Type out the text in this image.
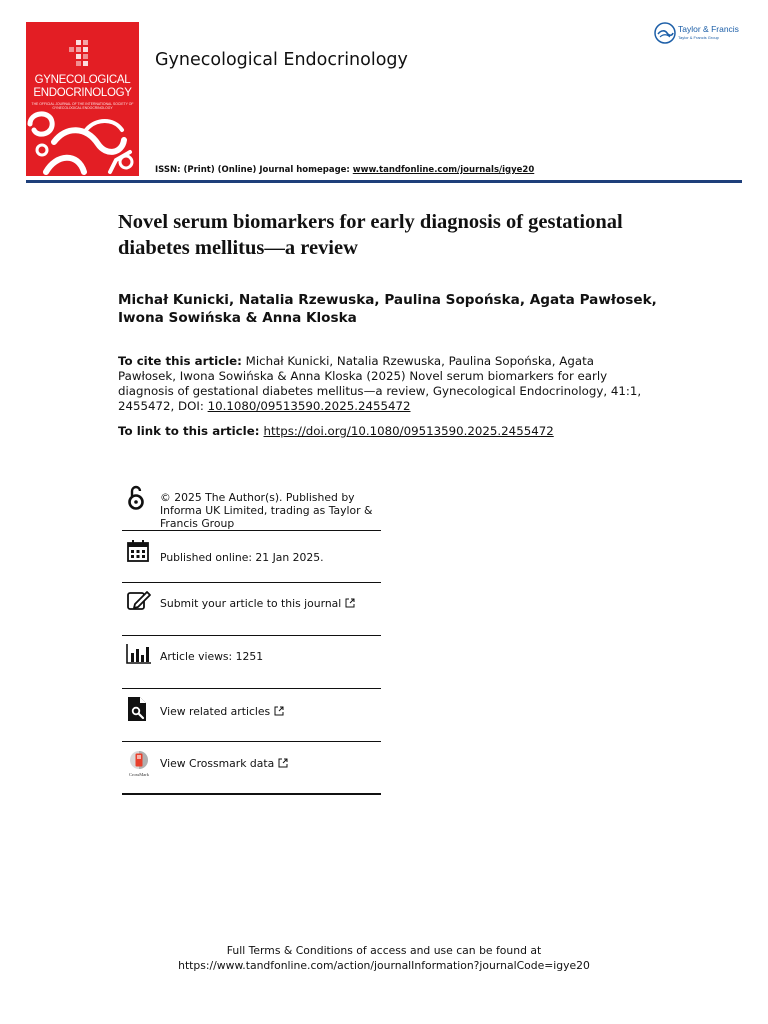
GYNECOLOGICAL
ENDOCRINOLOGY
THE OFFICIAL JOURNAL OF THE INTERNATIONAL SOCIETY OF GYNECOLOGICAL ENDOCRINOLOGY
Gynecological Endocrinology
Taylor & Francis
Taylor & Francis Group
ISSN: (Print) (Online) Journal homepage: www.tandfonline.com/journals/igye20
Novel serum biomarkers for early diagnosis of gestational diabetes mellitus—a review

Michał Kunicki, Natalia Rzewuska, Paulina Sopońska, Agata Pawłosek, Iwona Sowińska & Anna Kloska

To cite this article: Michał Kunicki, Natalia Rzewuska, Paulina Sopońska, Agata Pawłosek, Iwona Sowińska & Anna Kloska (2025) Novel serum biomarkers for early diagnosis of gestational diabetes mellitus—a review, Gynecological Endocrinology, 41:1, 2455472, DOI: 10.1080/09513590.2025.2455472

To link to this article: https://doi.org/10.1080/09513590.2025.2455472

© 2025 The Author(s). Published by Informa UK Limited, trading as Taylor & Francis Group
Published online: 21 Jan 2025.
Submit your article to this journal
Article views: 1251
View related articles
CrossMark
View Crossmark data
Full Terms & Conditions of access and use can be found at
https://www.tandfonline.com/action/journalInformation?journalCode=igye20
